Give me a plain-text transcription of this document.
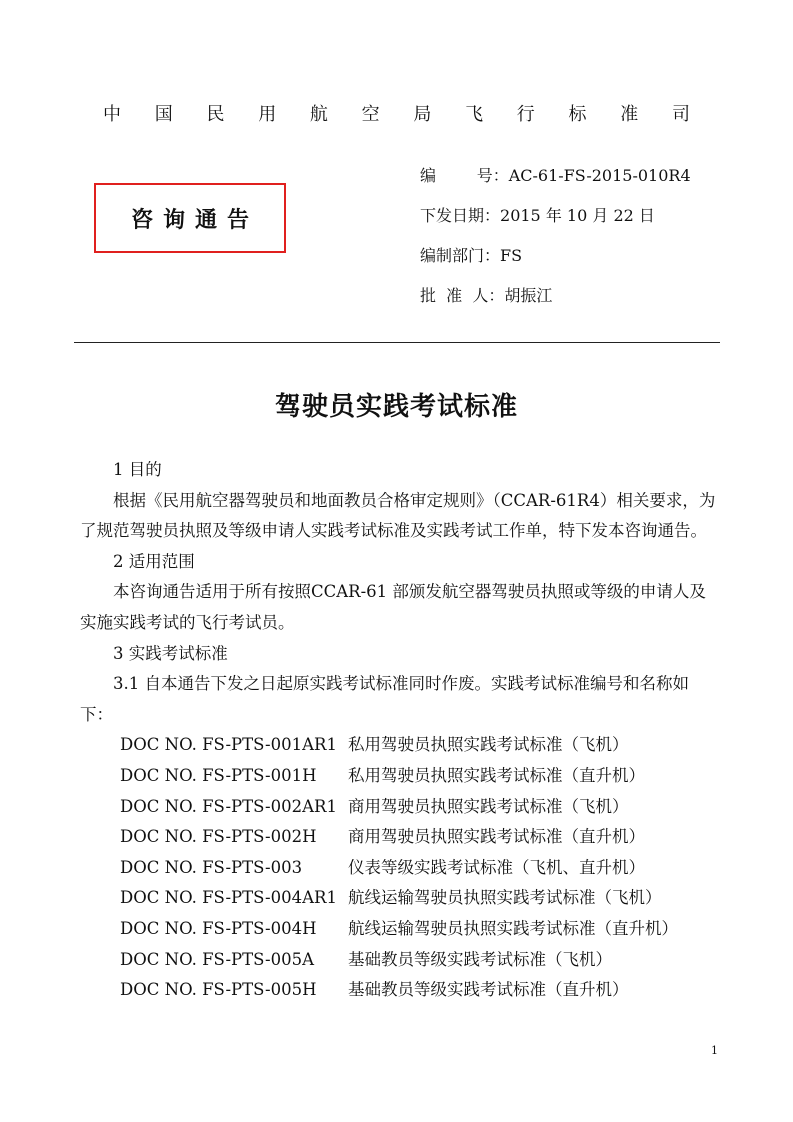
中 国 民 用 航 空 局 飞 行 标 准 司
咨询通告
编        号：AC-61-FS-2015-010R4
下发日期：2015 年 10 月 22 日
编制部门：FS
批  准  人：胡振江
驾驶员实践考试标准

1 目的

根据《民用航空器驾驶员和地面教员合格审定规则》（CCAR-61R4）相关要求，为了规范驾驶员执照及等级申请人实践考试标准及实践考试工作单，特下发本咨询通告。

2 适用范围

本咨询通告适用于所有按照CCAR-61 部颁发航空器驾驶员执照或等级的申请人及实施实践考试的飞行考试员。

3 实践考试标准

3.1 自本通告下发之日起原实践考试标准同时作废。实践考试标准编号和名称如下：

DOC NO. FS-PTS-001AR1 私用驾驶员执照实践考试标准（飞机）
DOC NO. FS-PTS-001H 私用驾驶员执照实践考试标准（直升机）
DOC NO. FS-PTS-002AR1 商用驾驶员执照实践考试标准（飞机）
DOC NO. FS-PTS-002H 商用驾驶员执照实践考试标准（直升机）
DOC NO. FS-PTS-003	仪表等级实践考试标准（飞机、直升机）
DOC NO. FS-PTS-004AR1 航线运输驾驶员执照实践考试标准（飞机）
DOC NO. FS-PTS-004H 航线运输驾驶员执照实践考试标准（直升机）
DOC NO. FS-PTS-005A 基础教员等级实践考试标准（飞机）
DOC NO. FS-PTS-005H 基础教员等级实践考试标准（直升机）
1
